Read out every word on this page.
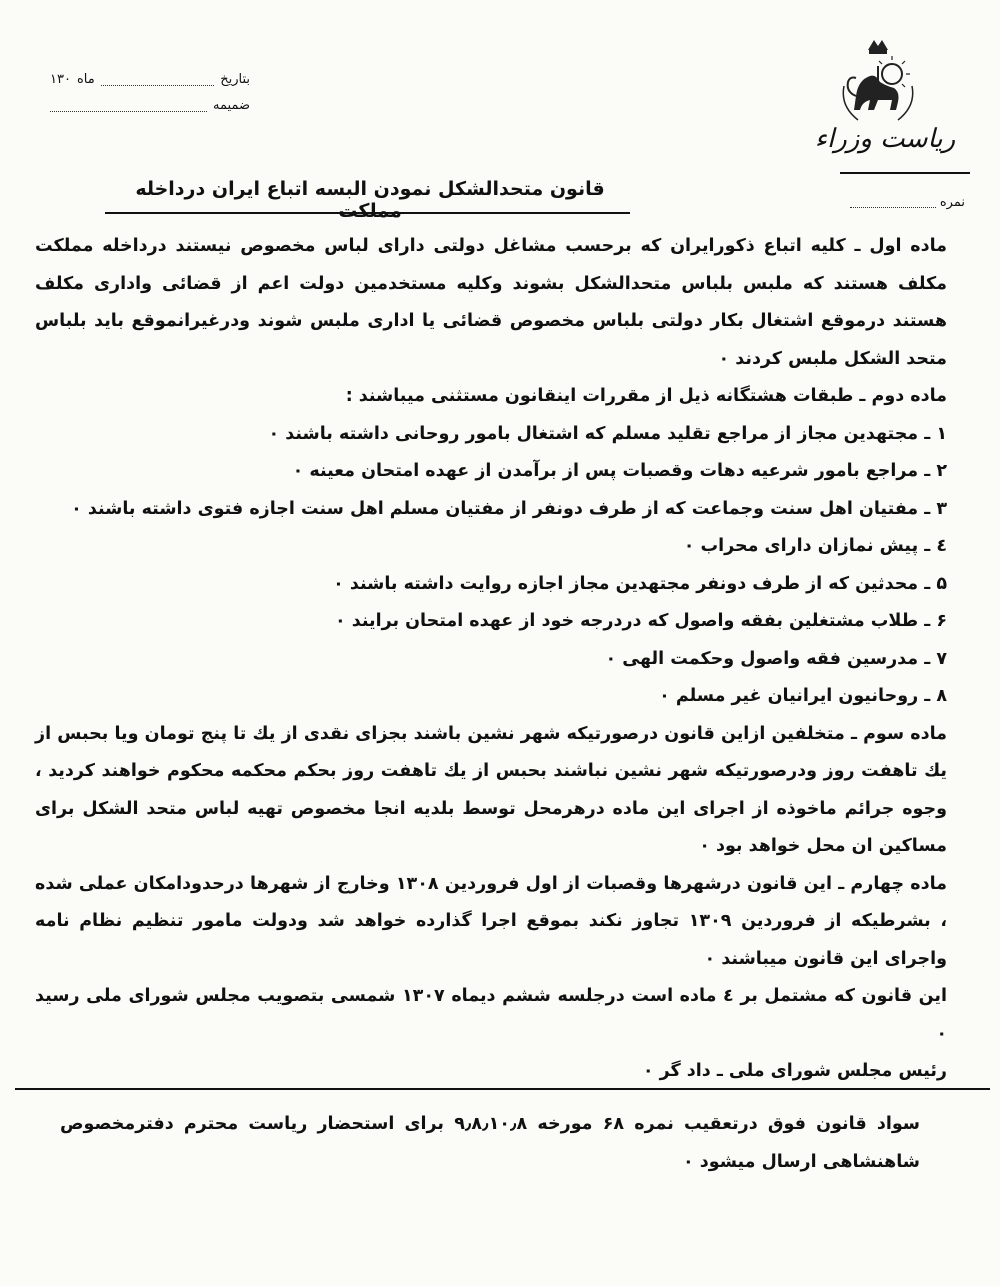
بتاريخ
ماه
۱۳۰
ضميمه
رياست وزراء
نمره
قانون متحدالشكل نمودن البسه اتباع ايران درداخله مملكت

ماده اول ـ كليه اتباع ذكورايران كه برحسب مشاغل دولتی دارای لباس مخصوص نيستند درداخله مملكت مكلف هستند كه ملبس بلباس متحدالشكل بشوند وكليه مستخدمين دولت اعم از قضائی واداری مكلف هستند درموقع اشتغال بكار دولتی بلباس مخصوص قضائی يا اداری ملبس شوند ودرغيرانموقع بايد بلباس متحد الشكل ملبس كردند ٠

ماده دوم ـ طبقات هشتگانه ذيل از مقررات اينقانون مستثنی میباشند :

۱ ـ مجتهدين مجاز از مراجع تقليد مسلم كه اشتغال بامور روحانی داشته باشند ٠

۲ ـ مراجع بامور شرعيه دهات وقصبات پس از برآمدن از عهده امتحان معينه ٠

۳ ـ مفتيان اهل سنت وجماعت كه از طرف دونفر از مفتيان مسلم اهل سنت اجازه فتوی داشته باشند ٠

٤ ـ پيش نمازان دارای محراب ٠

۵ ـ محدثين كه از طرف دونفر مجتهدين مجاز اجازه روايت داشته باشند ٠

۶ ـ طلاب مشتغلين بفقه واصول كه دردرجه خود از عهده امتحان برايند ٠

۷ ـ مدرسين فقه واصول وحكمت الهی ٠

۸ ـ روحانيون ايرانيان غير مسلم ٠

ماده سوم ـ متخلفين ازاين قانون درصورتيكه شهر نشين باشند بجزای نقدی از يك تا پنج تومان ويا بحبس از يك تاهفت روز ودرصورتيكه شهر نشين نباشند بحبس از يك تاهفت روز بحكم محكمه محكوم خواهند كرديد ، وجوه جرائم ماخوذه از اجرای اين ماده درهرمحل توسط بلديه انجا مخصوص تهيه لباس متحد الشكل برای مساكين ان محل خواهد بود ٠

ماده چهارم ـ اين قانون درشهرها وقصبات از اول فروردين ۱۳۰۸ وخارج از شهرها درحدودامكان عملی شده ، بشرطيكه از فروردين ۱۳۰۹ تجاوز نكند بموقع اجرا گذارده خواهد شد ودولت مامور تنظيم نظام نامه واجرای اين قانون میباشند ٠

اين قانون كه مشتمل بر ٤ ماده است درجلسه ششم ديماه ۱۳۰۷ شمسی بتصويب مجلس شورای ملی رسيد ٠

رئيس مجلس شورای ملی ـ داد گر ٠

سواد قانون فوق درتعقيب نمره ۶۸ مورخه ۹٫۸٫۱۰٫۸ برای استحضار رياست محترم دفترمخصوص شاهنشاهی ارسال ميشود ٠
